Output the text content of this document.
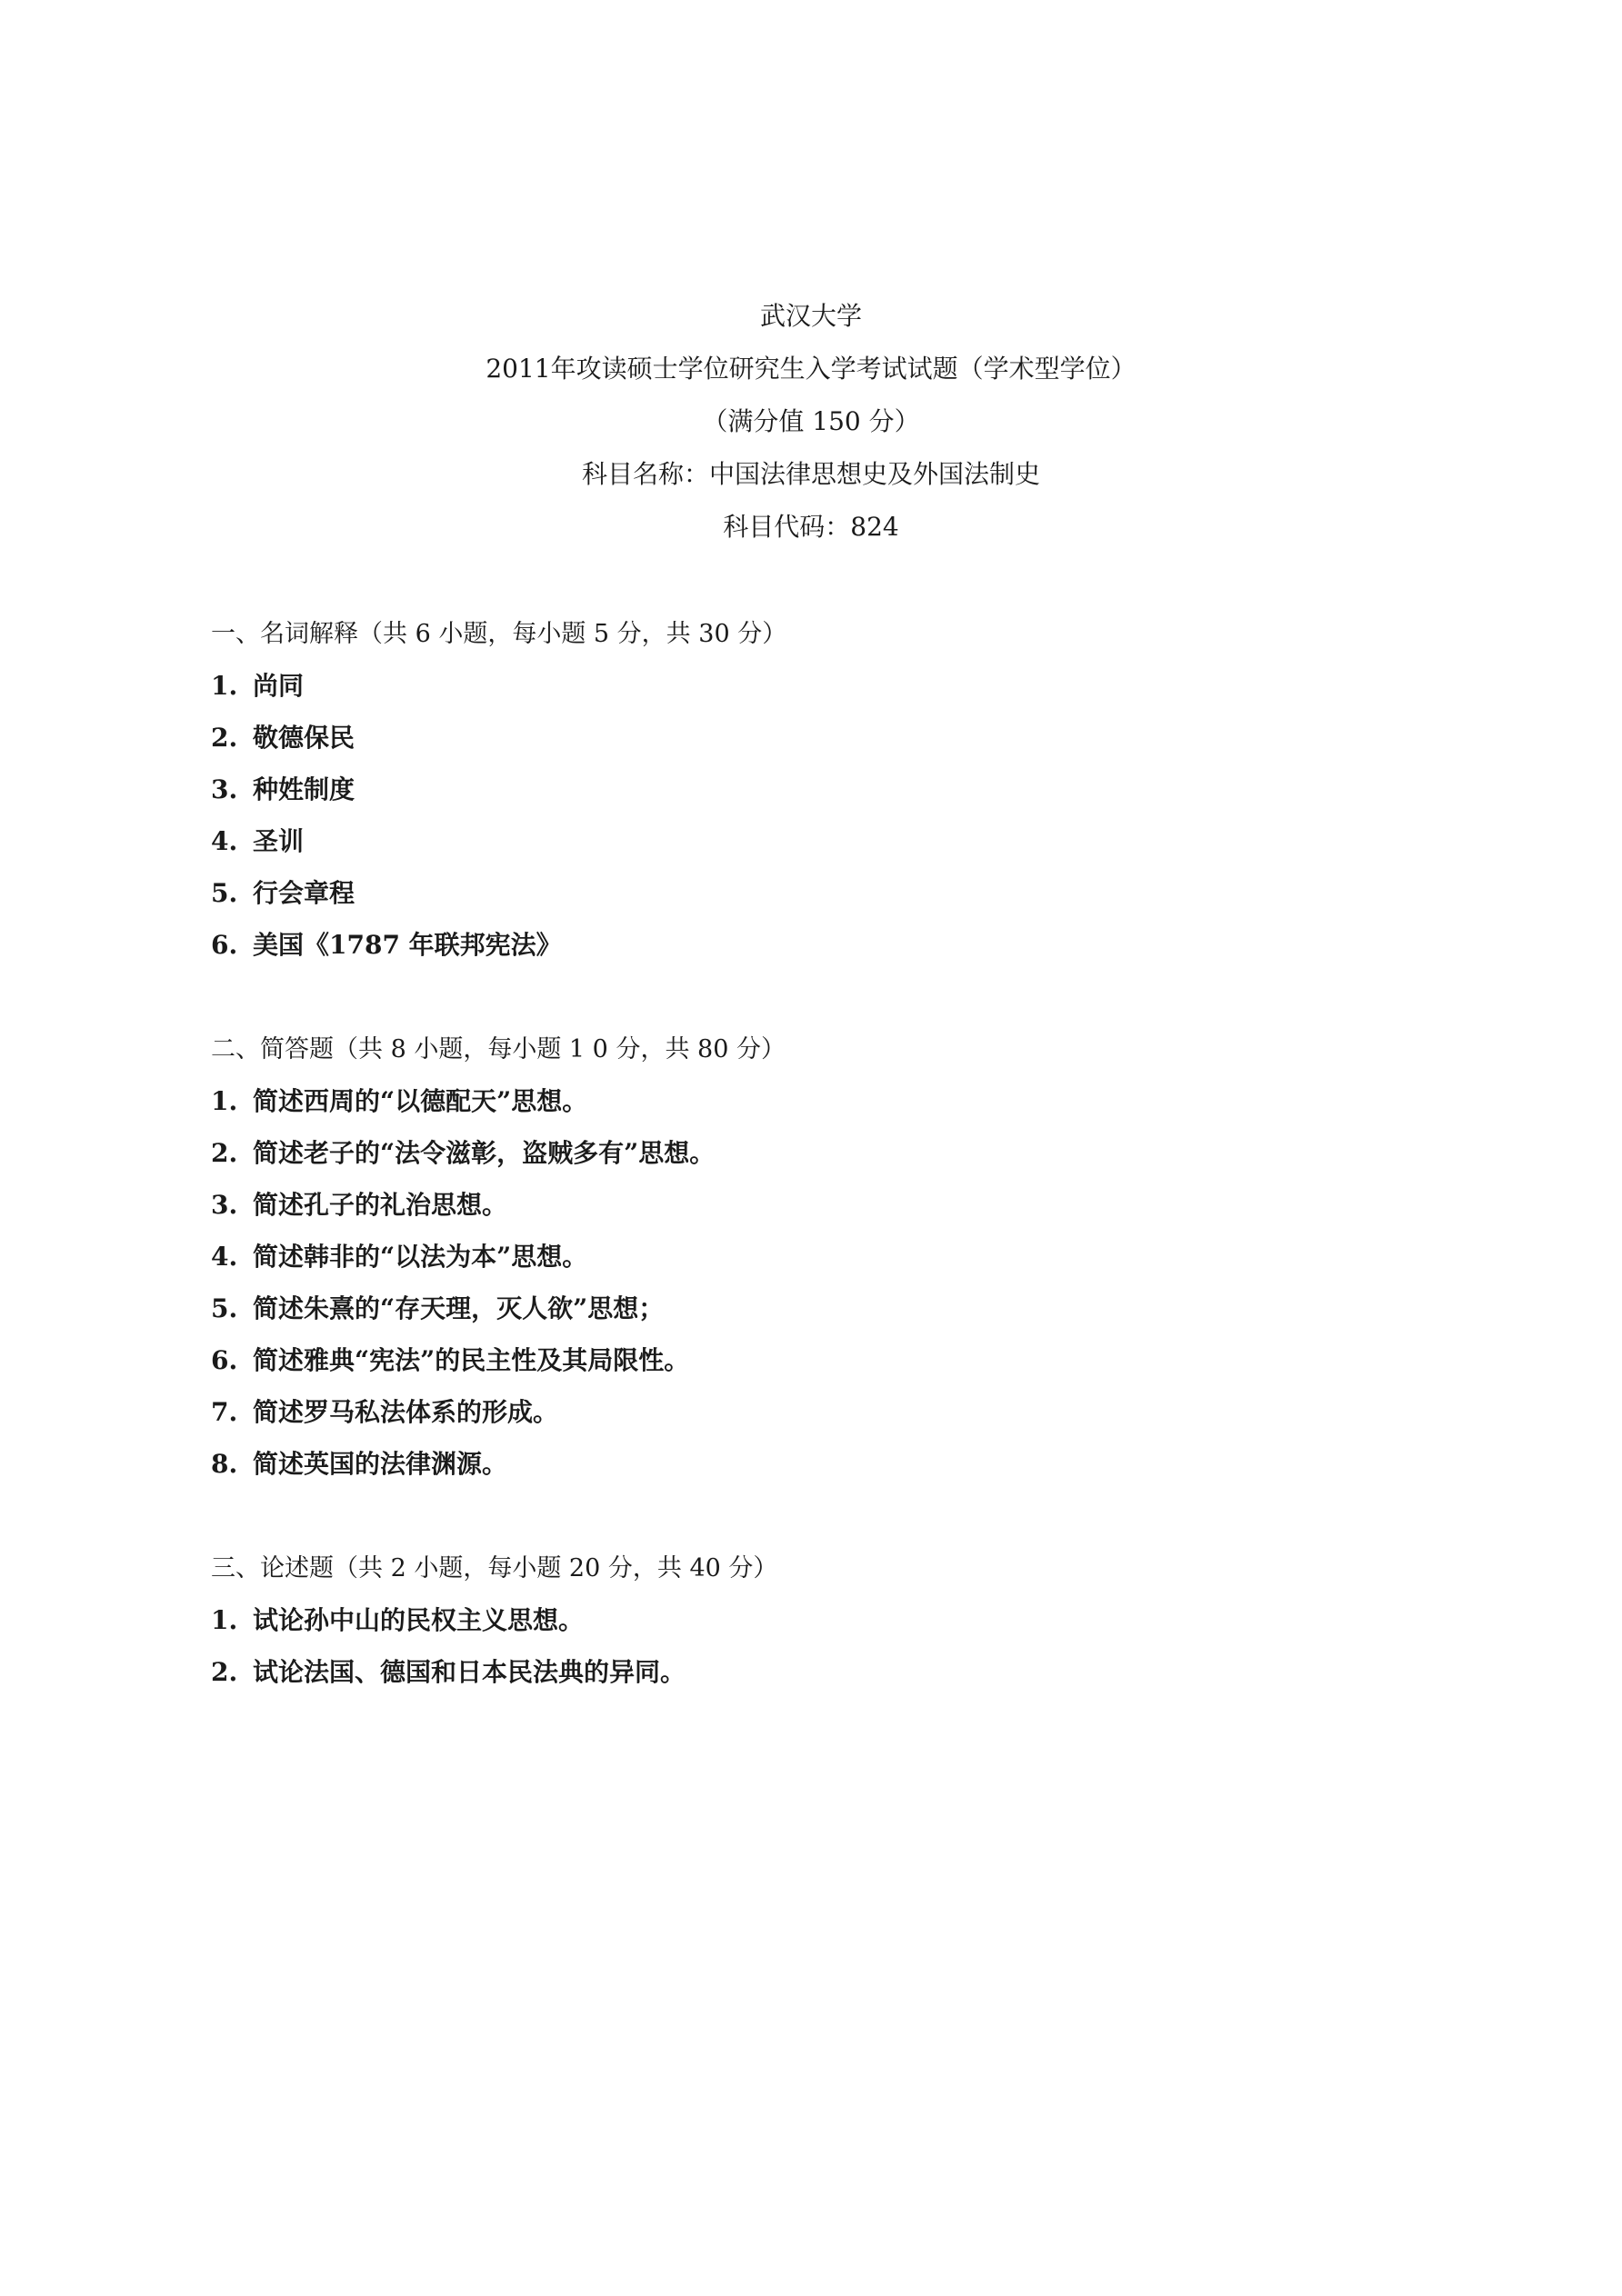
武汉大学
2011年攻读硕士学位研究生入学考试试题（学术型学位）
（满分值 150 分）
科目名称：中国法律思想史及外国法制史
科目代码：824
一、名词解释（共 6 小题，每小题 5 分，共 30 分）
1. 尚同
2. 敬德保民
3. 种姓制度
4. 圣训
5. 行会章程
6. 美国《1787 年联邦宪法》
二、简答题（共 8 小题，每小题 1 0 分，共 80 分）
1. 简述西周的“以德配天”思想。
2. 简述老子的“法令滋彰，盗贼多有”思想。
3. 简述孔子的礼治思想。
4. 简述韩非的“以法为本”思想。
5. 简述朱熹的“存天理，灭人欲”思想；
6. 简述雅典“宪法”的民主性及其局限性。
7. 简述罗马私法体系的形成。
8. 简述英国的法律渊源。
三、论述题（共 2 小题，每小题 20 分，共 40 分）
1. 试论孙中山的民权主义思想。
2. 试论法国、德国和日本民法典的异同。
